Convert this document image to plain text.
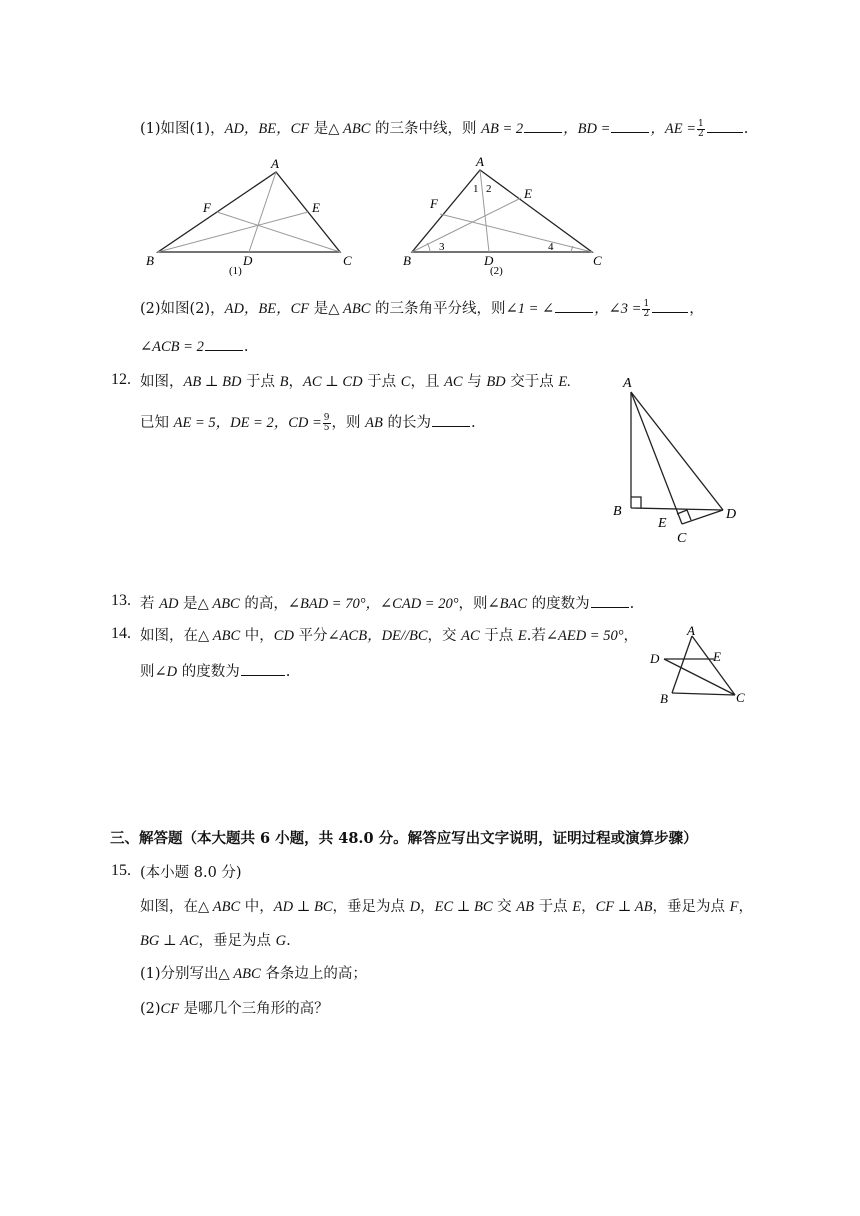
(1)如图(1)，AD，BE，CF 是△ ABC 的三条中线，则 AB = 2	，BD =	，AE = $\frac{1}{2}$	.
A
B	C
D
E
F
(1)
A
B	C
D
E
F
1 2
3	4
(2)
(2)如图(2)，AD，BE，CF 是△ ABC 的三条角平分线，则∠1 = ∠	，∠3 = $\frac{1}{2}$	，
∠ACB = 2	.
12. 如图，AB ⊥ BD 于点 B，AC ⊥ CD 于点 C，且 AC 与 BD 交于点 E.
已知 AE = 5，DE = 2，CD = $\frac{9}{5}$ ，则 AB 的长为	.
A
B
E
C
D
13. 若 AD 是△ ABC 的高，∠BAD = 70°，∠CAD = 20°，则∠BAC 的度数为	.
14. 如图，在△ ABC 中，CD 平分∠ACB，DE//BC，交 AC 于点 E.若∠AED = 50°，
则∠D 的度数为	.
A
D	E
B	C
三、解答题（本大题共 6 小题，共 48.0 分。解答应写出文字说明，证明过程或演算步骤）
15. (本小题 8.0 分)
如图，在△ ABC 中，AD ⊥ BC，垂足为点 D，EC ⊥ BC 交 AB 于点 E，CF ⊥ AB，垂足为点 F，
BG ⊥ AC，垂足为点 G.
(1)分别写出△ ABC 各条边上的高；
(2)CF 是哪几个三角形的高？
